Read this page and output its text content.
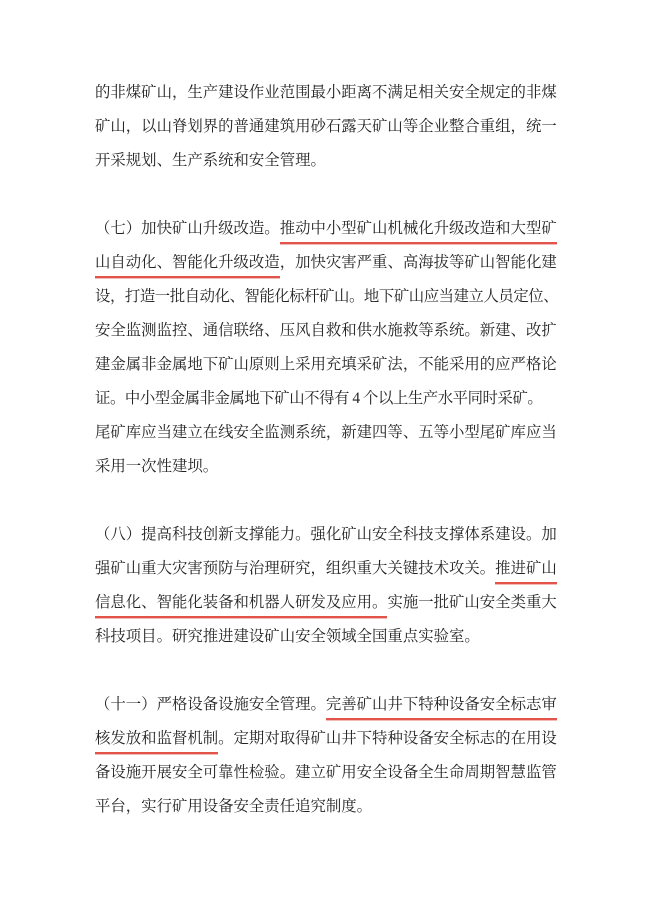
的非煤矿山，生产建设作业范围最小距离不满足相关安全规定的非煤
矿山，以山脊划界的普通建筑用砂石露天矿山等企业整合重组，统一
开采规划、生产系统和安全管理。
（七）加快矿山升级改造。推动中小型矿山机械化升级改造和大型矿
山自动化、智能化升级改造，加快灾害严重、高海拔等矿山智能化建
设，打造一批自动化、智能化标杆矿山。地下矿山应当建立人员定位、
安全监测监控、通信联络、压风自救和供水施救等系统。新建、改扩
建金属非金属地下矿山原则上采用充填采矿法，不能采用的应严格论
证。中小型金属非金属地下矿山不得有 4 个以上生产水平同时采矿。
尾矿库应当建立在线安全监测系统，新建四等、五等小型尾矿库应当
采用一次性建坝。
（八）提高科技创新支撑能力。强化矿山安全科技支撑体系建设。加
强矿山重大灾害预防与治理研究，组织重大关键技术攻关。推进矿山
信息化、智能化装备和机器人研发及应用。实施一批矿山安全类重大
科技项目。研究推进建设矿山安全领域全国重点实验室。
（十一）严格设备设施安全管理。完善矿山井下特种设备安全标志审
核发放和监督机制。定期对取得矿山井下特种设备安全标志的在用设
备设施开展安全可靠性检验。建立矿用安全设备全生命周期智慧监管
平台，实行矿用设备安全责任追究制度。
